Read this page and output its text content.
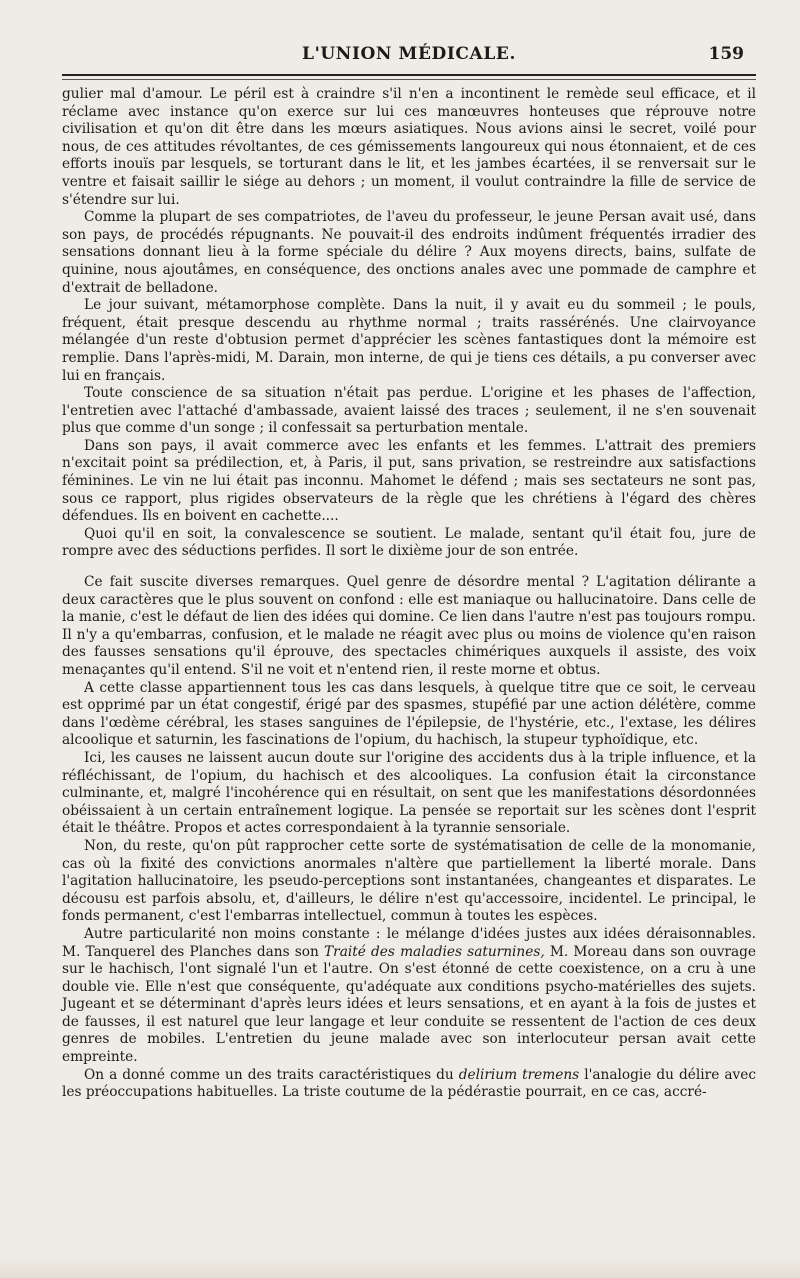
L'UNION MÉDICALE.	159

gulier mal d'amour. Le péril est à craindre s'il n'en a incontinent le remède seul efficace, et il réclame avec instance qu'on exerce sur lui ces manœuvres honteuses que réprouve notre civilisation et qu'on dit être dans les mœurs asiatiques. Nous avions ainsi le secret, voilé pour nous, de ces attitudes révoltantes, de ces gémissements langoureux qui nous étonnaient, et de ces efforts inouïs par lesquels, se torturant dans le lit, et les jambes écartées, il se renversait sur le ventre et faisait saillir le siége au dehors ; un moment, il voulut contraindre la fille de service de s'étendre sur lui.

Comme la plupart de ses compatriotes, de l'aveu du professeur, le jeune Persan avait usé, dans son pays, de procédés répugnants. Ne pouvait-il des endroits indûment fréquentés irradier des sensations donnant lieu à la forme spéciale du délire ? Aux moyens directs, bains, sulfate de quinine, nous ajoutâmes, en conséquence, des onctions anales avec une pommade de camphre et d'extrait de belladone.

Le jour suivant, métamorphose complète. Dans la nuit, il y avait eu du sommeil ; le pouls, fréquent, était presque descendu au rhythme normal ; traits rassérénés. Une clairvoyance mélangée d'un reste d'obtusion permet d'apprécier les scènes fantastiques dont la mémoire est remplie. Dans l'après-midi, M. Darain, mon interne, de qui je tiens ces détails, a pu converser avec lui en français.

Toute conscience de sa situation n'était pas perdue. L'origine et les phases de l'affection, l'entretien avec l'attaché d'ambassade, avaient laissé des traces ; seulement, il ne s'en souvenait plus que comme d'un songe ; il confessait sa perturbation mentale.

Dans son pays, il avait commerce avec les enfants et les femmes. L'attrait des premiers n'excitait point sa prédilection, et, à Paris, il put, sans privation, se restreindre aux satisfactions féminines. Le vin ne lui était pas inconnu. Mahomet le défend ; mais ses sectateurs ne sont pas, sous ce rapport, plus rigides observateurs de la règle que les chrétiens à l'égard des chères défendues. Ils en boivent en cachette....

Quoi qu'il en soit, la convalescence se soutient. Le malade, sentant qu'il était fou, jure de rompre avec des séductions perfides. Il sort le dixième jour de son entrée.

Ce fait suscite diverses remarques. Quel genre de désordre mental ? L'agitation délirante a deux caractères que le plus souvent on confond : elle est maniaque ou hallucinatoire. Dans celle de la manie, c'est le défaut de lien des idées qui domine. Ce lien dans l'autre n'est pas toujours rompu. Il n'y a qu'embarras, confusion, et le malade ne réagit avec plus ou moins de violence qu'en raison des fausses sensations qu'il éprouve, des spectacles chimériques auxquels il assiste, des voix menaçantes qu'il entend. S'il ne voit et n'entend rien, il reste morne et obtus.

A cette classe appartiennent tous les cas dans lesquels, à quelque titre que ce soit, le cerveau est opprimé par un état congestif, érigé par des spasmes, stupéfié par une action délétère, comme dans l'œdème cérébral, les stases sanguines de l'épilepsie, de l'hystérie, etc., l'extase, les délires alcoolique et saturnin, les fascinations de l'opium, du hachisch, la stupeur typhoïdique, etc.

Ici, les causes ne laissent aucun doute sur l'origine des accidents dus à la triple influence, et la réfléchissant, de l'opium, du hachisch et des alcooliques. La confusion était la circonstance culminante, et, malgré l'incohérence qui en résultait, on sent que les manifestations désordonnées obéissaient à un certain entraînement logique. La pensée se reportait sur les scènes dont l'esprit était le théâtre. Propos et actes correspondaient à la tyrannie sensoriale.

Non, du reste, qu'on pût rapprocher cette sorte de systématisation de celle de la monomanie, cas où la fixité des convictions anormales n'altère que partiellement la liberté morale. Dans l'agitation hallucinatoire, les pseudo-perceptions sont instantanées, changeantes et disparates. Le décousu est parfois absolu, et, d'ailleurs, le délire n'est qu'accessoire, incidentel. Le principal, le fonds permanent, c'est l'embarras intellectuel, commun à toutes les espèces.

Autre particularité non moins constante : le mélange d'idées justes aux idées déraisonnables. M. Tanquerel des Planches dans son Traité des maladies saturnines, M. Moreau dans son ouvrage sur le hachisch, l'ont signalé l'un et l'autre. On s'est étonné de cette coexistence, on a cru à une double vie. Elle n'est que conséquente, qu'adéquate aux conditions psycho-matérielles des sujets. Jugeant et se déterminant d'après leurs idées et leurs sensations, et en ayant à la fois de justes et de fausses, il est naturel que leur langage et leur conduite se ressentent de l'action de ces deux genres de mobiles. L'entretien du jeune malade avec son interlocuteur persan avait cette empreinte.

On a donné comme un des traits caractéristiques du delirium tremens l'analogie du délire avec les préoccupations habituelles. La triste coutume de la pédérastie pourrait, en ce cas, accré-
